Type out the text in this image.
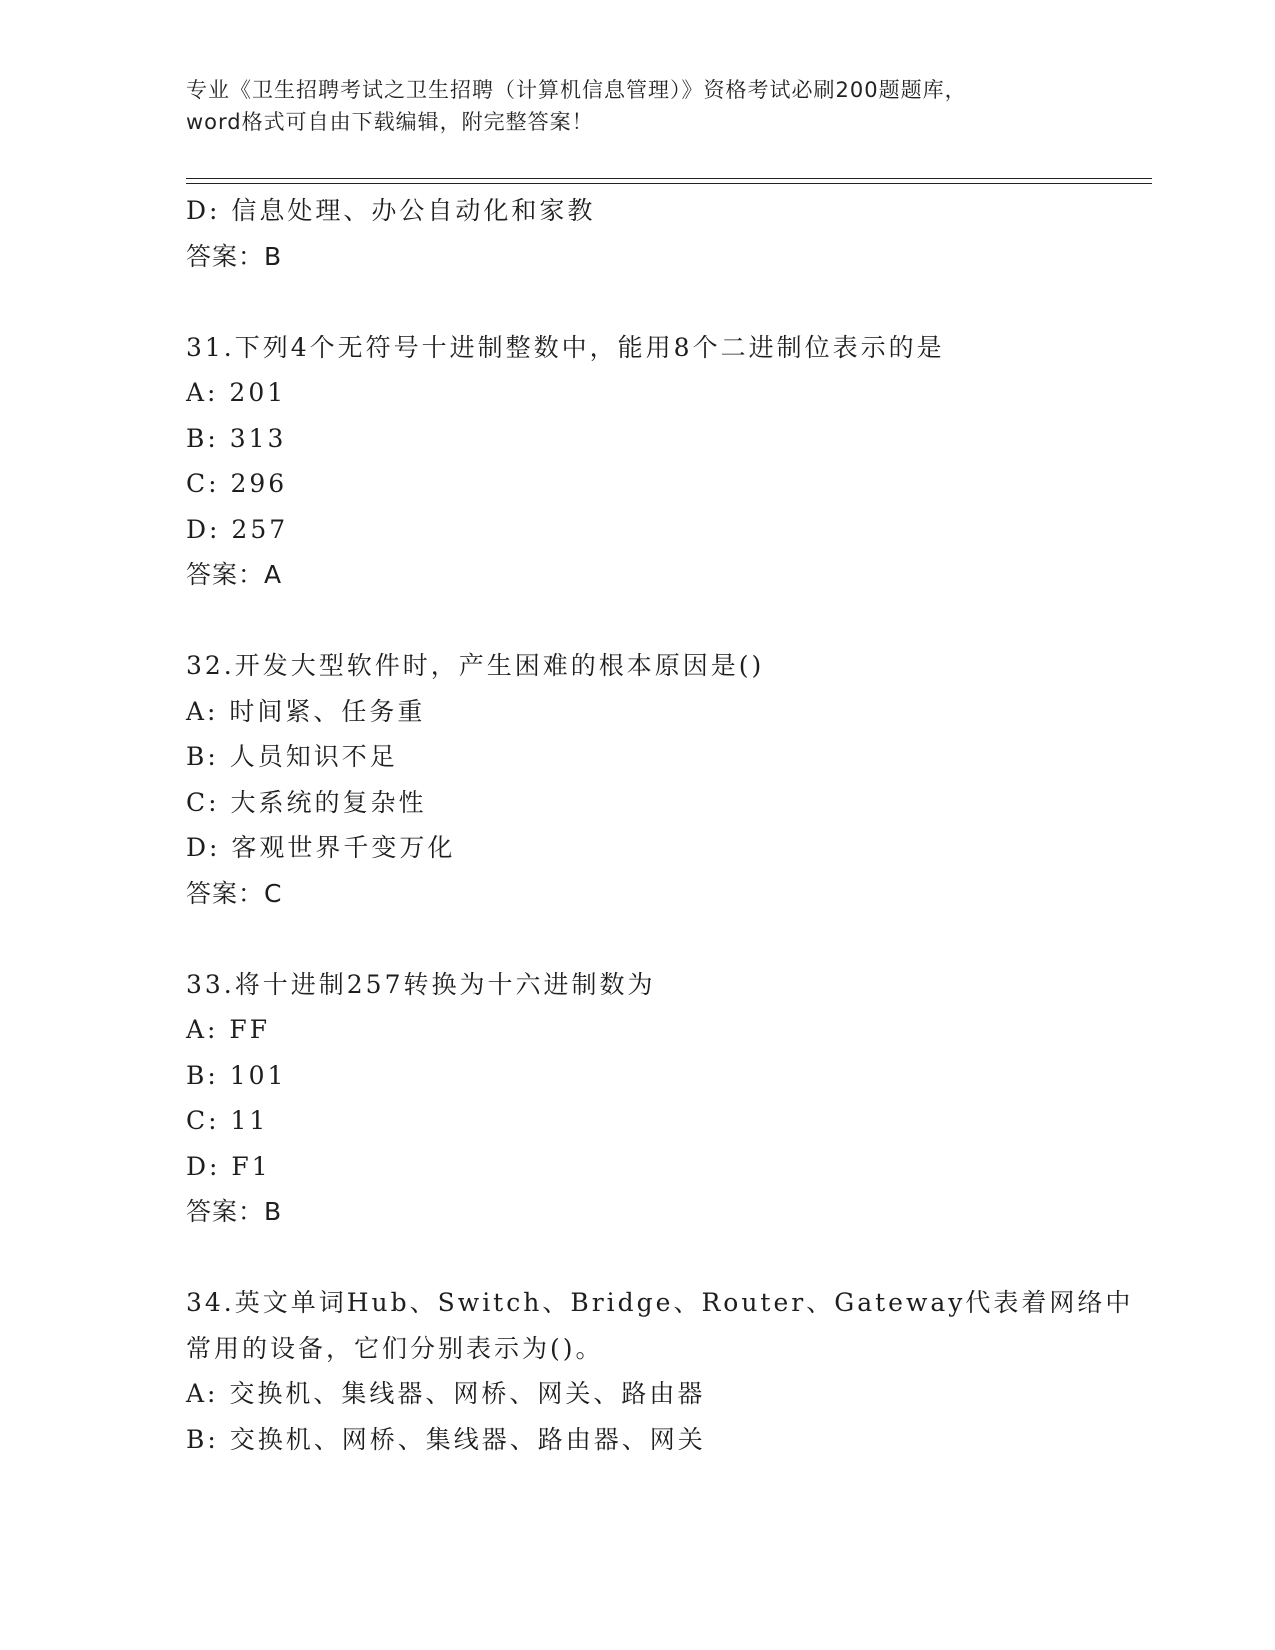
专业《卫生招聘考试之卫生招聘（计算机信息管理）》资格考试必刷200题题库，
word格式可自由下载编辑，附完整答案！
D: 信息处理、办公自动化和家教
答案：B
31.下列4个无符号十进制整数中，能用8个二进制位表示的是
A: 201
B: 313
C: 296
D: 257
答案：A
32.开发大型软件时，产生困难的根本原因是()
A: 时间紧、任务重
B: 人员知识不足
C: 大系统的复杂性
D: 客观世界千变万化
答案：C
33.将十进制257转换为十六进制数为
A: FF
B: 101
C: 11
D: F1
答案：B
34.英文单词Hub、Switch、Bridge、Router、Gateway代表着网络中
常用的设备，它们分别表示为()。
A: 交换机、集线器、网桥、网关、路由器
B: 交换机、网桥、集线器、路由器、网关
